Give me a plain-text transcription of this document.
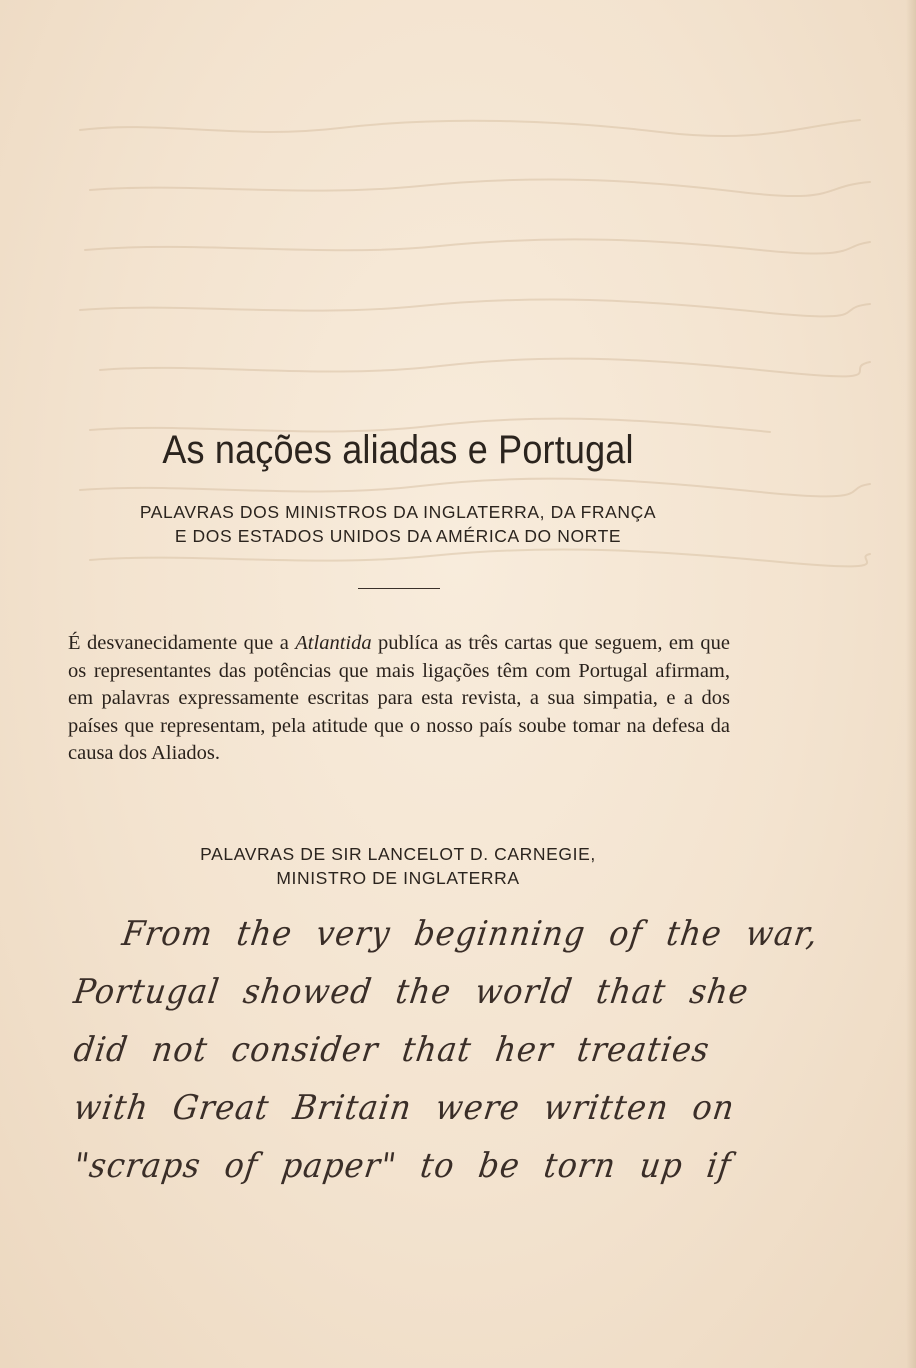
As nações aliadas e Portugal
PALAVRAS DOS MINISTROS DA INGLATERRA, DA FRANÇA
E DOS ESTADOS UNIDOS DA AMÉRICA DO NORTE
É desvanecidamente que a Atlantida publíca as três cartas que seguem, em que os representantes das potências que mais ligações têm com Portugal afirmam, em palavras expressamente escritas para esta revista, a sua simpatia, e a dos países que representam, pela atitude que o nosso país soube tomar na defesa da causa dos Aliados.
PALAVRAS DE SIR LANCELOT D. CARNEGIE,
MINISTRO DE INGLATERRA
From the very beginning of the war,
Portugal showed the world that she
did not consider that her treaties
with Great Britain were written on
"scraps of paper" to be torn up if
